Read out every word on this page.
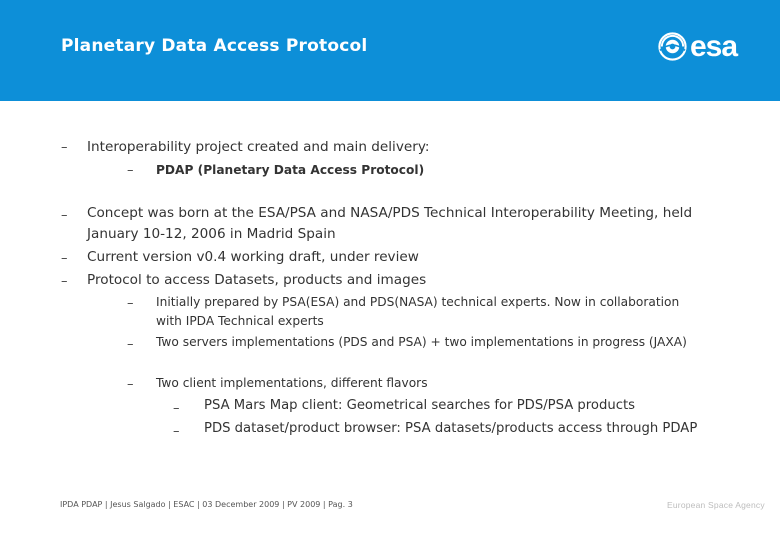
Planetary Data Access Protocol	esa
– Interoperability project created and main delivery:
– PDAP (Planetary Data Access Protocol)
– Concept was born at the ESA/PSA and NASA/PDS Technical Interoperability Meeting, held January 10-12, 2006 in Madrid Spain
– Current version v0.4 working draft, under review
– Protocol to access Datasets, products and images
– Initially prepared by PSA(ESA) and PDS(NASA) technical experts. Now in collaboration with IPDA Technical experts
– Two servers implementations (PDS and PSA) + two implementations in progress (JAXA)
– Two client implementations, different flavors
– PSA Mars Map client: Geometrical searches for PDS/PSA products
– PDS dataset/product browser: PSA datasets/products access through PDAP
IPDA PDAP | Jesus Salgado | ESAC | 03 December 2009 | PV 2009 | Pag. 3	European Space Agency
